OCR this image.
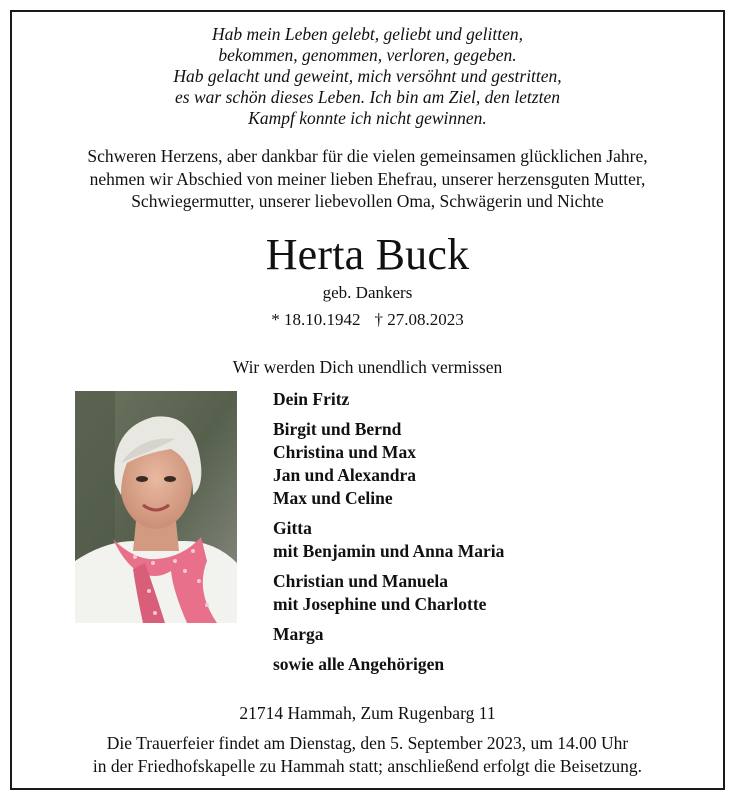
Hab mein Leben gelebt, geliebt und gelitten,
bekommen, genommen, verloren, gegeben.
Hab gelacht und geweint, mich versöhnt und gestritten,
es war schön dieses Leben. Ich bin am Ziel, den letzten
Kampf konnte ich nicht gewinnen.
Schweren Herzens, aber dankbar für die vielen gemeinsamen glücklichen Jahre,
nehmen wir Abschied von meiner lieben Ehefrau, unserer herzensguten Mutter,
Schwiegermutter, unserer liebevollen Oma, Schwägerin und Nichte
Herta Buck
geb. Dankers
* 18.10.1942 † 27.08.2023
Wir werden Dich unendlich vermissen
Dein Fritz
Birgit und Bernd
Christina und Max
Jan und Alexandra
Max und Celine
Gitta
mit Benjamin und Anna Maria
Christian und Manuela
mit Josephine und Charlotte
Marga
sowie alle Angehörigen
21714 Hammah, Zum Rugenbarg 11
Die Trauerfeier findet am Dienstag, den 5. September 2023, um 14.00 Uhr
in der Friedhofskapelle zu Hammah statt; anschließend erfolgt die Beisetzung.
